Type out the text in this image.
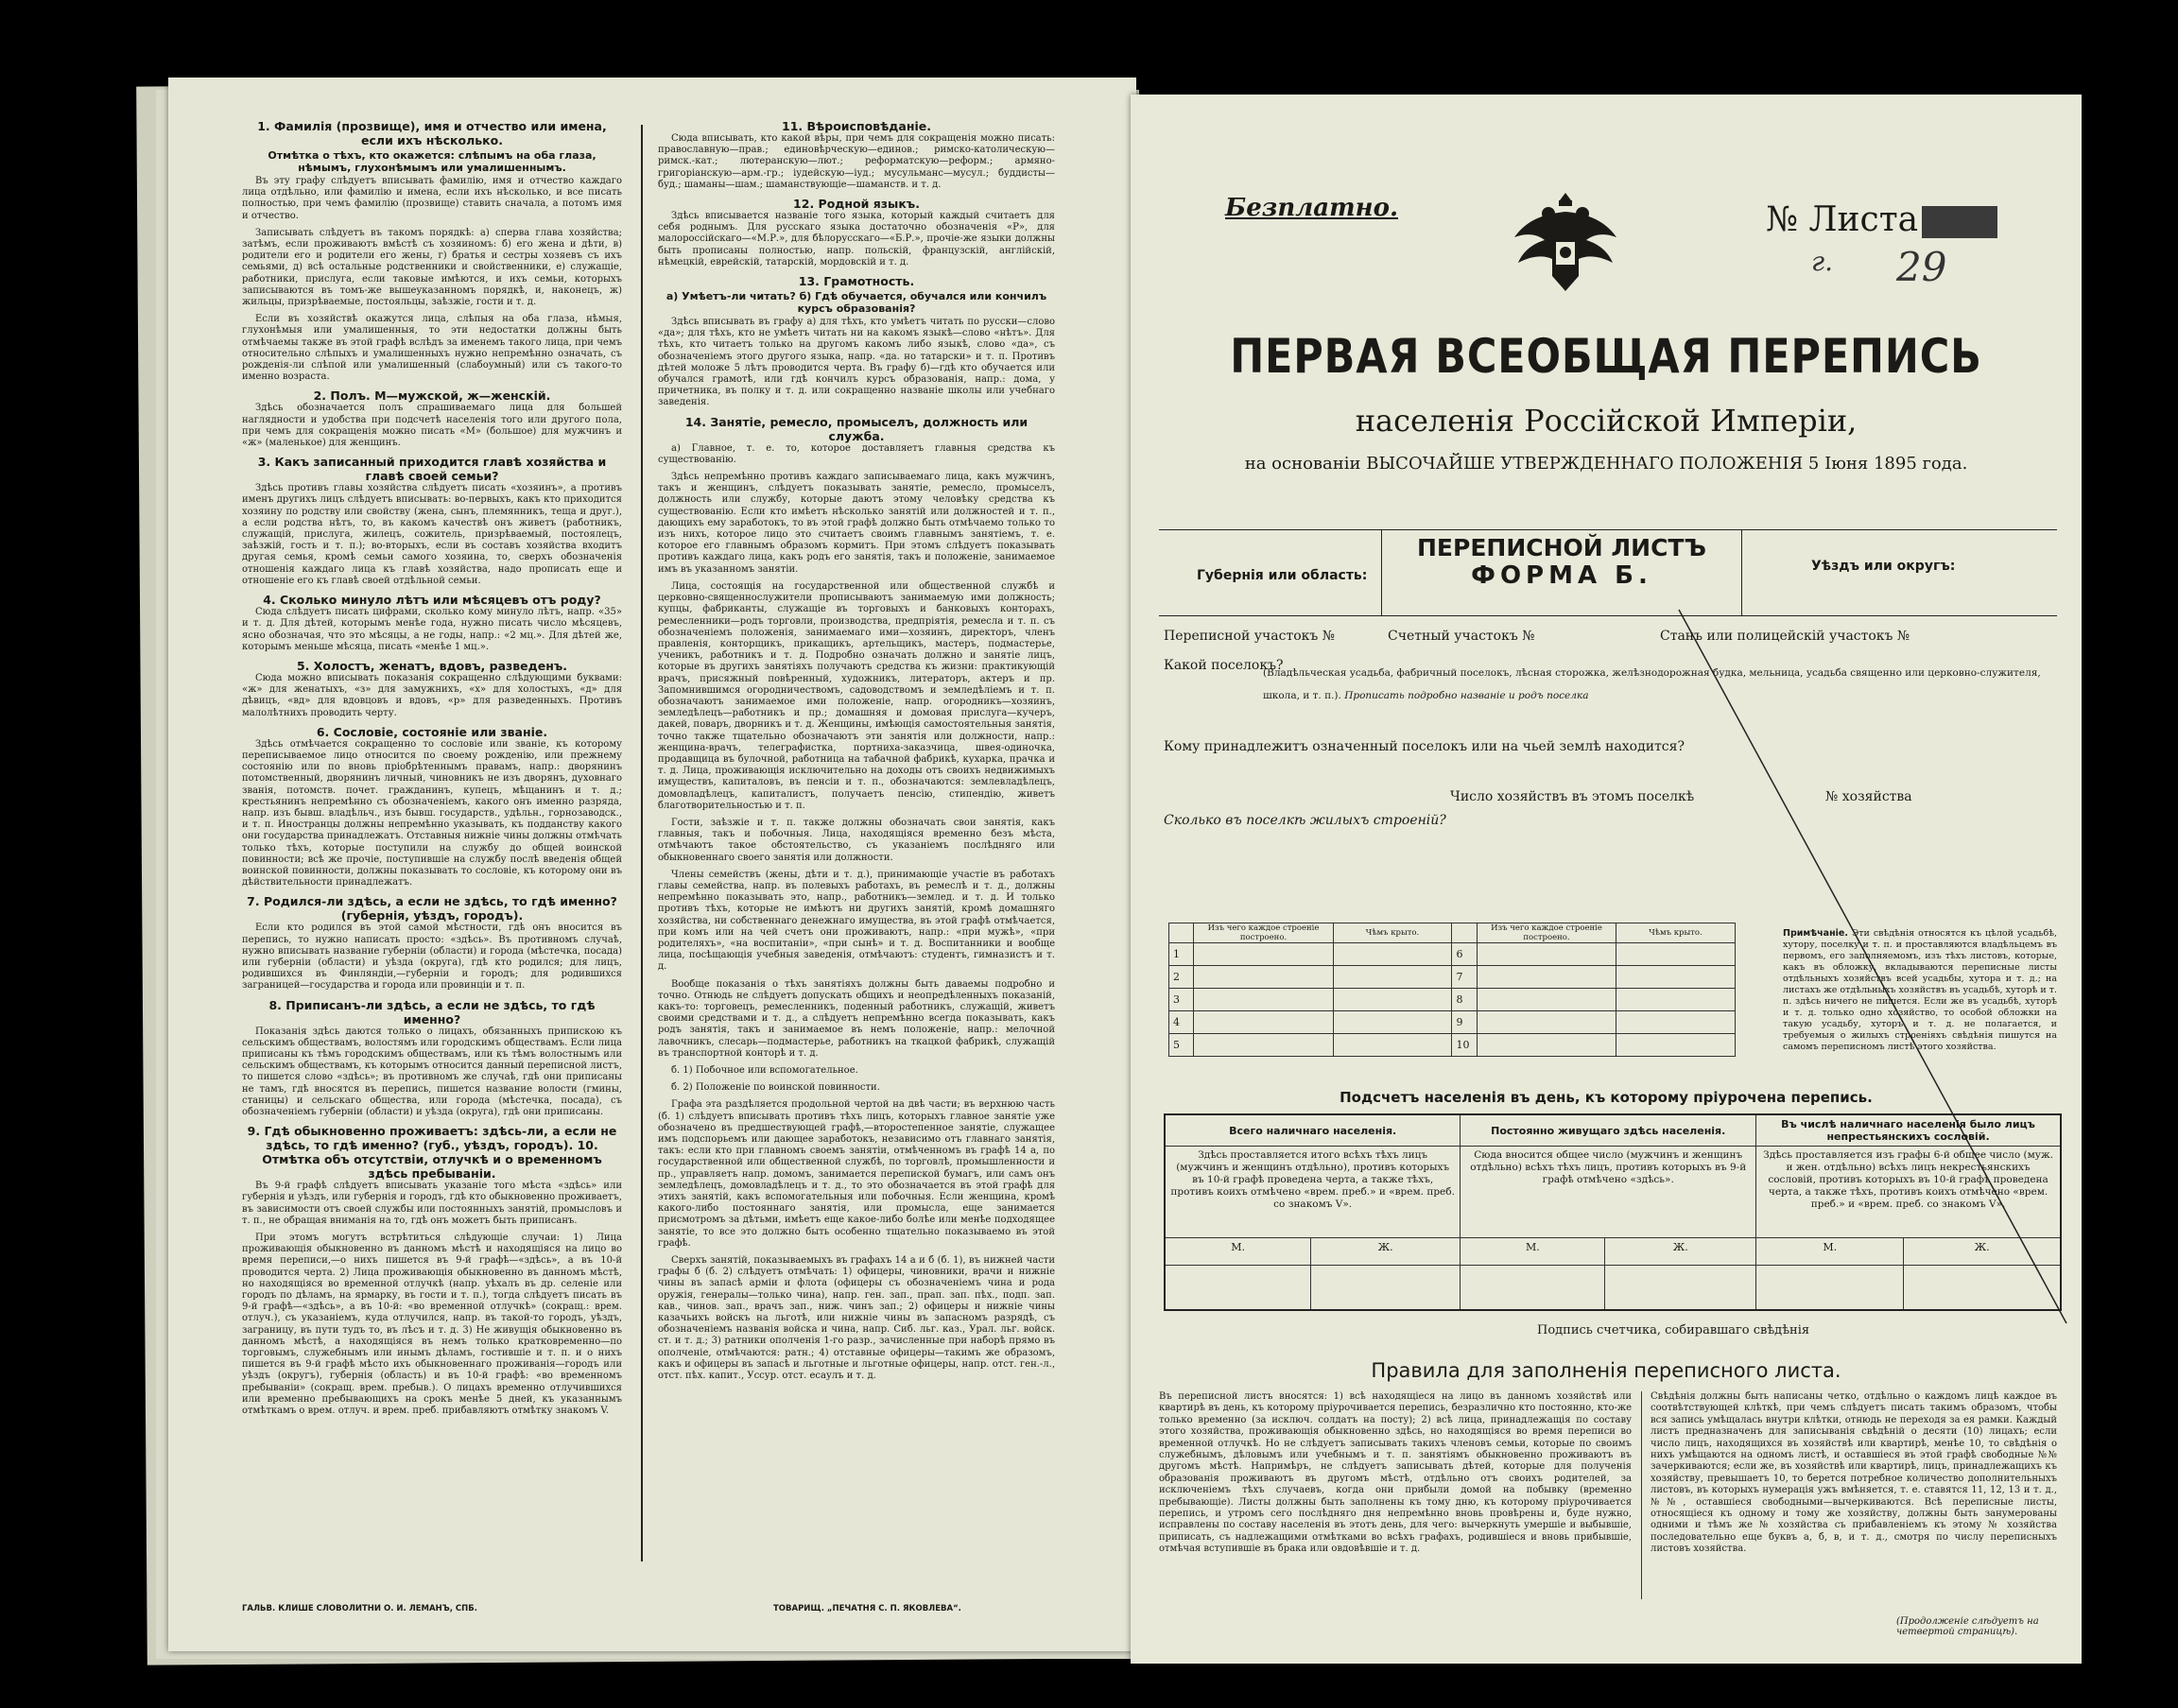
1. Фамилія (прозвище), имя и отчество или имена, если ихъ нѣсколько.
Отмѣтка о тѣхъ, кто окажется: слѣпымъ на оба глаза, нѣмымъ, глухонѣмымъ или умалишеннымъ.

Въ эту графу слѣдуетъ вписывать фамилію, имя и отчество каждаго лица отдѣльно, или фамилію и имена, если ихъ нѣсколько, и все писать полностью, при чемъ фамилію (прозвище) ставить сначала, а потомъ имя и отчество.

Записывать слѣдуетъ въ такомъ порядкѣ: а) сперва глава хозяйства; затѣмъ, если проживаютъ вмѣстѣ съ хозяиномъ: б) его жена и дѣти, в) родители его и родители его жены, г) братья и сестры хозяевъ съ ихъ семьями, д) всѣ остальные родственники и свойственники, е) служащіе, работники, прислуга, если таковые имѣются, и ихъ семьи, которыхъ записываются въ томъ-же вышеуказанномъ порядкѣ, и, наконецъ, ж) жильцы, призрѣваемые, постояльцы, заѣзжіе, гости и т. д.

Если въ хозяйствѣ окажутся лица, слѣпыя на оба глаза, нѣмыя, глухонѣмыя или умалишенныя, то эти недостатки должны быть отмѣчаемы также въ этой графѣ вслѣдъ за именемъ такого лица, при чемъ относительно слѣпыхъ и умалишенныхъ нужно непремѣнно означать, съ рожденія-ли слѣпой или умалишенный (слабоумный) или съ такого-то именно возраста.

2. Полъ. М—мужской, ж—женскій.

Здѣсь обозначается полъ спрашиваемаго лица для большей наглядности и удобства при подсчетѣ населенія того или другого пола, при чемъ для сокращенія можно писать «М» (большое) для мужчинъ и «ж» (маленькое) для женщинъ.

3. Какъ записанный приходится главѣ хозяйства и главѣ своей семьи?

Здѣсь противъ главы хозяйства слѣдуетъ писать «хозяинъ», а противъ именъ другихъ лицъ слѣдуетъ вписывать: во-первыхъ, какъ кто приходится хозяину по родству или свойству (жена, сынъ, племянникъ, теща и друг.), а если родства нѣтъ, то, въ какомъ качествѣ онъ живетъ (работникъ, служащій, прислуга, жилецъ, сожитель, призрѣваемый, постоялецъ, заѣзжій, гость и т. п.); во-вторыхъ, если въ составъ хозяйства входитъ другая семья, кромѣ семьи самого хозяина, то, сверхъ обозначенія отношенія каждаго лица къ главѣ хозяйства, надо прописать еще и отношеніе его къ главѣ своей отдѣльной семьи.

4. Сколько минуло лѣтъ или мѣсяцевъ отъ роду?

Сюда слѣдуетъ писать цифрами, сколько кому минуло лѣтъ, напр. «35» и т. д. Для дѣтей, которымъ менѣе года, нужно писать число мѣсяцевъ, ясно обозначая, что это мѣсяцы, а не годы, напр.: «2 мц.». Для дѣтей же, которымъ меньше мѣсяца, писать «менѣе 1 мц.».

5. Холостъ, женатъ, вдовъ, разведенъ.

Сюда можно вписывать показанія сокращенно слѣдующими буквами: «ж» для женатыхъ, «з» для замужнихъ, «х» для холостыхъ, «д» для дѣвицъ, «вд» для вдовцовъ и вдовъ, «р» для разведенныхъ. Противъ малолѣтнихъ проводить черту.

6. Сословіе, состояніе или званіе.

Здѣсь отмѣчается сокращенно то сословіе или званіе, къ которому переписываемое лицо относится по своему рожденію, или прежнему состоянію или по вновь пріобрѣтеннымъ правамъ, напр.: дворянинъ потомственный, дворянинъ личный, чиновникъ не изъ дворянъ, духовнаго званія, потомств. почет. гражданинъ, купецъ, мѣщанинъ и т. д.; крестьянинъ непремѣнно съ обозначеніемъ, какого онъ именно разряда, напр. изъ бывш. владѣльч., изъ бывш. государств., удѣльн., горнозаводск., и т. п. Иностранцы должны непремѣнно указывать, къ подданству какого они государства принадлежатъ. Отставныя нижніе чины должны отмѣчать только тѣхъ, которые поступили на службу до общей воинской повинности; всѣ же прочіе, поступившіе на службу послѣ введенія общей воинской повинности, должны показывать то сословіе, къ которому они въ дѣйствительности принадлежатъ.

7. Родился-ли здѣсь, а если не здѣсь, то гдѣ именно? (губернія, уѣздъ, городъ).

Если кто родился въ этой самой мѣстности, гдѣ онъ вносится въ перепись, то нужно написать просто: «здѣсь». Въ противномъ случаѣ, нужно вписывать название губерніи (области) и города (мѣстечка, посада) или губерніи (области) и уѣзда (округа), гдѣ кто родился; для лицъ, родившихся въ Финляндіи,—губерніи и городъ; для родившихся заграницей—государства и города или провинціи и т. п.

8. Приписанъ-ли здѣсь, а если не здѣсь, то гдѣ именно?

Показанія здѣсь даются только о лицахъ, обязанныхъ припискою къ сельскимъ обществамъ, волостямъ или городскимъ обществамъ. Если лица приписаны къ тѣмъ городскимъ обществамъ, или къ тѣмъ волостнымъ или сельскимъ обществамъ, къ которымъ относится данный переписной листъ, то пишется слово «здѣсь»; въ противномъ же случаѣ, гдѣ они приписаны не тамъ, гдѣ вносятся въ перепись, пишется название волости (гмины, станицы) и сельскаго общества, или города (мѣстечка, посада), съ обозначеніемъ губерніи (области) и уѣзда (округа), гдѣ они приписаны.

9. Гдѣ обыкновенно проживаетъ: здѣсь-ли, а если не здѣсь, то гдѣ именно? (губ., уѣздъ, городъ). 10. Отмѣтка объ отсутствіи, отлучкѣ и о временномъ здѣсь пребываніи.

Въ 9-й графѣ слѣдуетъ вписывать указаніе того мѣста «здѣсь» или губернія и уѣздъ, или губернія и городъ, гдѣ кто обыкновенно проживаетъ, въ зависимости отъ своей службы или постоянныхъ занятій, промысловъ и т. п., не обращая вниманія на то, гдѣ онъ можетъ быть приписанъ.

При этомъ могутъ встрѣтиться слѣдующіе случаи: 1) Лица проживающія обыкновенно въ данномъ мѣстѣ и находящіяся на лицо во время переписи,—о нихъ пишется въ 9-й графѣ—«здѣсь», а въ 10-й проводится черта. 2) Лица проживающія обыкновенно въ данномъ мѣстѣ, но находящіяся во временной отлучкѣ (напр. уѣхалъ въ др. селеніе или городъ по дѣламъ, на ярмарку, въ гости и т. п.), тогда слѣдуетъ писать въ 9-й графѣ—«здѣсь», а въ 10-й: «во временной отлучкѣ» (сокращ.: врем. отлуч.), съ указаніемъ, куда отлучился, напр. въ такой-то городъ, уѣздъ, заграницу, въ пути тудъ то, въ лѣсъ и т. д. 3) Не живущія обыкновенно въ данномъ мѣстѣ, а находящіяся въ немъ только кратковременно—по торговымъ, служебнымъ или инымъ дѣламъ, гостившіе и т. п. и о нихъ пишется въ 9-й графѣ мѣсто ихъ обыкновеннаго проживанія—городъ или уѣздъ (округъ), губернія (область) и въ 10-й графѣ: «во временномъ пребываніи» (сокращ. врем. пребыв.). О лицахъ временно отлучившихся или временно пребывающихъ на срокъ менѣе 5 дней, къ указаннымъ отмѣткамъ о врем. отлуч. и врем. преб. прибавляютъ отмѣтку знакомъ V.

11. Вѣроисповѣданіе.

Сюда вписывать, кто какой вѣры, при чемъ для сокращенія можно писать: православную—прав.; единовѣрческую—единов.; римско-католическую—римск.-кат.; лютеранскую—лют.; реформатскую—реформ.; армяно-григоріанскую—арм.-гр.; іудейскую—іуд.; мусульманс—мусул.; буддисты—буд.; шаманы—шам.; шаманствующіе—шаманств. и т. д.

12. Родной языкъ.

Здѣсь вписывается названіе того языка, который каждый считаетъ для себя роднымъ. Для русскаго языка достаточно обозначенія «Р», для малороссійскаго—«М.Р.», для бѣлорусскаго—«Б.Р.», прочіе-же языки должны быть прописаны полностью, напр. польскій, французскій, англійскій, нѣмецкій, еврейскій, татарскій, мордовскій и т. д.

13. Грамотность.
а) Умѣетъ-ли читать? б) Гдѣ обучается, обучался или кончилъ курсъ образованія?

Здѣсь вписывать въ графу а) для тѣхъ, кто умѣетъ читать по русски—слово «да»; для тѣхъ, кто не умѣетъ читать ни на какомъ языкѣ—слово «нѣтъ». Для тѣхъ, кто читаетъ только на другомъ какомъ либо языкѣ, слово «да», съ обозначеніемъ этого другого языка, напр. «да. но татарски» и т. п. Противъ дѣтей моложе 5 лѣтъ проводится черта. Въ графу б)—гдѣ кто обучается или обучался грамотѣ, или гдѣ кончилъ курсъ образованія, напр.: дома, у причетника, въ полку и т. д. или сокращенно названіе школы или учебнаго заведенія.

14. Занятіе, ремесло, промыселъ, должность или служба.

а) Главное, т. е. то, которое доставляетъ главныя средства къ существованію.

Здѣсь непремѣнно противъ каждаго записываемаго лица, какъ мужчинъ, такъ и женщинъ, слѣдуетъ показывать занятіе, ремесло, промыселъ, должность или службу, которые даютъ этому человѣку средства къ существованію. Если кто имѣетъ нѣсколько занятій или должностей и т. п., дающихъ ему заработокъ, то въ этой графѣ должно быть отмѣчаемо только то изъ нихъ, которое лицо это считаетъ своимъ главнымъ занятіемъ, т. е. которое его главнымъ образомъ кормитъ. При этомъ слѣдуетъ показывать противъ каждаго лица, какъ родъ его занятія, такъ и положеніе, занимаемое имъ въ указанномъ занятіи.

Лица, состоящія на государственной или общественной службѣ и церковно-священнослужители прописываютъ занимаемую ими должность; купцы, фабриканты, служащіе въ торговыхъ и банковыхъ конторахъ, ремесленники—родъ торговли, производства, предпріятія, ремесла и т. п. съ обозначеніемъ положенія, занимаемаго ими—хозяинъ, директоръ, членъ правленія, конторщикъ, прикащикъ, артельщикъ, мастеръ, подмастерье, ученикъ, работникъ и т. д. Подробно означать должно и занятіе лицъ, которые въ другихъ занятіяхъ получаютъ средства къ жизни: практикующій врачъ, присяжный повѣренный, художникъ, литераторъ, актеръ и пр. Запомнившимся огородничествомъ, садоводствомъ и земледѣліемъ и т. п. обозначаютъ занимаемое ими положеніе, напр. огородникъ—хозяинъ, земледѣлецъ—работникъ и пр.; домашняя и домовая прислуга—кучеръ, дакей, поваръ, дворникъ и т. д. Женщины, имѣющія самостоятельныя занятія, точно также тщательно обозначаютъ эти занятія или должности, напр.: женщина-врачъ, телеграфистка, портниха-заказчица, швея-одиночка, продавщица въ булочной, работница на табачной фабрикѣ, кухарка, прачка и т. д. Лица, проживающія исключительно на доходы отъ своихъ недвижимыхъ имуществъ, капиталовъ, въ пенсіи и т. п., обозначаются: землевладѣлецъ, домовладѣлецъ, капиталистъ, получаетъ пенсію, стипендію, живетъ благотворительностью и т. п.

Гости, заѣзжіе и т. п. также должны обозначать свои занятія, какъ главныя, такъ и побочныя. Лица, находящіяся временно безъ мѣста, отмѣчаютъ такое обстоятельство, съ указаніемъ послѣдняго или обыкновеннаго своего занятія или должности.

Члены семействъ (жены, дѣти и т. д.), принимающіе участіе въ работахъ главы семейства, напр. въ полевыхъ работахъ, въ ремеслѣ и т. д., должны непремѣнно показывать это, напр., работникъ—землед. и т. д. И только противъ тѣхъ, которые не имѣютъ ни другихъ занятій, кромѣ домашняго хозяйства, ни собственнаго денежнаго имущества, въ этой графѣ отмѣчается, при комъ или на чей счетъ они проживаютъ, напр.: «при мужѣ», «при родителяхъ», «на воспитаніи», «при сынѣ» и т. д. Воспитанники и вообще лица, посѣщающія учебныя заведенія, отмѣчаютъ: студентъ, гимназистъ и т. д.

Вообще показанія о тѣхъ занятіяхъ должны быть даваемы подробно и точно. Отнюдь не слѣдуетъ допускать общихъ и неопредѣленныхъ показаній, какъ-то: торговецъ, ремесленникъ, поденный работникъ, служащій, живетъ своими средствами и т. д., а слѣдуетъ непремѣнно всегда показывать, какъ родъ занятія, такъ и занимаемое въ немъ положеніе, напр.: мелочной лавочникъ, слесарь—подмастерье, работникъ на ткацкой фабрикѣ, служащій въ транспортной конторѣ и т. д.

б. 1) Побочное или вспомогательное.

б. 2) Положеніе по воинской повинности.

Графа эта раздѣляется продольной чертой на двѣ части; въ верхнюю часть (б. 1) слѣдуетъ вписывать противъ тѣхъ лицъ, которыхъ главное занятіе уже обозначено въ предшествующей графѣ,—второстепенное занятіе, служащее имъ подспорьемъ или дающее заработокъ, независимо отъ главнаго занятія, такъ: если кто при главномъ своемъ занятіи, отмѣченномъ въ графѣ 14 а, по государственной или общественной службѣ, по торговлѣ, промышленности и пр., управляетъ напр. домомъ, занимается перепиской бумагъ, или самъ онъ земледѣлецъ, домовладѣлецъ и т. д., то это обозначается въ этой графѣ для этихъ занятій, какъ вспомогательныя или побочныя. Если женщина, кромѣ какого-либо постояннаго занятія, или промысла, еще занимается присмотромъ за дѣтьми, имѣетъ еще какое-либо болѣе или менѣе подходящее занятіе, то все это должно быть особенно тщательно показываемо въ этой графѣ.

Сверхъ занятій, показываемыхъ въ графахъ 14 а и б (б. 1), въ нижней части графы б (б. 2) слѣдуетъ отмѣчать: 1) офицеры, чиновники, врачи и нижніе чины въ запасѣ арміи и флота (офицеры съ обозначеніемъ чина и рода оружія, генералы—только чина), напр. ген. зап., прап. зап. пѣх., подп. зап. кав., чинов. зап., врачъ зап., ниж. чинъ зап.; 2) офицеры и нижніе чины казачьихъ войскъ на льготѣ, или нижніе чины въ запасномъ разрядѣ, съ обозначеніемъ названія войска и чина, напр. Сиб. льг. каз., Урал. льг. войск. ст. и т. д.; 3) ратники ополченія 1-го разр., зачисленные при наборѣ прямо въ ополченіе, отмѣчаются: ратн.; 4) отставные офицеры—такимъ же образомъ, какъ и офицеры въ запасѣ и льготные и льготные офицеры, напр. отст. ген.-л., отст. пѣх. капит., Уссур. отст. есаулъ и т. д.

ГАЛЬВ. КЛИШЕ СЛОВОЛИТНИ О. И. ЛЕМАНЪ, СПБ.	ТОВАРИЩ. „ПЕЧАТНЯ С. П. ЯКОВЛЕВА“.
Безплатно.	№ Листа
г. 29
ПЕРВАЯ ВСЕОБЩАЯ ПЕРЕПИСЬ
населенія Россійской Имперіи,
на основаніи ВЫСОЧАЙШЕ УТВЕРЖДЕННАГО ПОЛОЖЕНІЯ 5 Іюня 1895 года.
Губернія или область:
ПЕРЕПИСНОЙ ЛИСТЪ
ФОРМА Б.	Уѣздъ или округъ:
Переписной участокъ №	Счетный участокъ №	Станъ или полицейскій участокъ №
Какой поселокъ?
(Владѣльческая усадьба, фабричный поселокъ, лѣсная сторожка, желѣзнодорожная будка, мельница, усадьба священно или церковно-служителя, школа, и т. п.). Прописать подробно названіе и родъ поселка
Кому принадлежитъ означенный поселокъ или на чьей землѣ находится?
Число хозяйствъ въ этомъ поселкѣ	№ хозяйства
Сколько въ поселкѣ жилыхъ строеній?
	Изъ чего каждое строеніе построено.	Чѣмъ крыто.		Изъ чего каждое строеніе построено.	Чѣмъ крыто.
1			6		
2			7		
3			8		
4			9		
5			10		
Примѣчаніе. Эти свѣдѣнія относятся къ цѣлой усадьбѣ, хутору, поселку и т. п. и проставляются владѣльцемъ въ первомъ, его заполняемомъ, изъ тѣхъ листовъ, которые, какъ въ обложку, вкладываются переписные листы отдѣльныхъ хозяйствъ всей усадьбы, хутора и т. д.; на листахъ же отдѣльныхъ хозяйствъ въ усадьбѣ, хуторѣ и т. п. здѣсь ничего не пишется. Если же въ усадьбѣ, хуторѣ и т. д. только одно хозяйство, то особой обложки на такую усадьбу, хуторъ и т. д. не полагается, и требуемыя о жилыхъ строеніяхъ свѣдѣнія пишутся на самомъ переписномъ листѣ этого хозяйства.
Подсчетъ населенія въ день, къ которому пріурочена перепись.
Всего наличнаго населенія.		Постоянно живущаго здѣсь населенія.		Въ числѣ наличнаго населенія было лицъ непрестьянскихъ сословій.	
Здѣсь проставляется итого всѣхъ тѣхъ лицъ (мужчинъ и женщинъ отдѣльно), противъ которыхъ въ 10-й графѣ проведена черта, а также тѣхъ, противъ коихъ отмѣчено «врем. преб.» и «врем. преб. со знакомъ V».		Сюда вносится общее число (мужчинъ и женщинъ отдѣльно) всѣхъ тѣхъ лицъ, противъ которыхъ въ 9-й графѣ отмѣчено «здѣсь».		Здѣсь проставляется изъ графы 6-й общее число (муж. и жен. отдѣльно) всѣхъ лицъ некрестьянскихъ сословій, противъ которыхъ въ 10-й графѣ проведена черта, а также тѣхъ, противъ коихъ отмѣчено «врем. преб.» и «врем. преб. со знакомъ V».	
М.	Ж.	М.	Ж.	М.	Ж.

Подпись счетчика, собиравшаго свѣдѣнія
Правила для заполненія переписного листа.
Въ переписной листъ вносятся: 1) всѣ находящіеся на лицо въ данномъ хозяйствѣ или квартирѣ въ день, къ которому пріурочивается перепись, безразлично кто постоянно, кто-же только временно (за исключ. солдатъ на посту); 2) всѣ лица, принадлежащія по составу этого хозяйства, проживающія обыкновенно здѣсь, но находящіяся во время переписи во временной отлучкѣ. Но не слѣдуетъ записывать такихъ членовъ семьи, которые по своимъ служебнымъ, дѣловымъ или учебнымъ и т. п. занятіямъ обыкновенно проживаютъ въ другомъ мѣстѣ. Напримѣръ, не слѣдуетъ записывать дѣтей, которые для полученія образованія проживаютъ въ другомъ мѣстѣ, отдѣльно отъ своихъ родителей, за исключеніемъ тѣхъ случаевъ, когда они прибыли домой на побывку (временно пребывающіе). Листы должны быть заполнены къ тому дню, къ которому пріурочивается перепись, и утромъ сего послѣдняго дня непремѣнно вновь провѣрены и, буде нужно, исправлены по составу населенія въ этотъ день, для чего: вычеркнуть умершіе и выбывшіе, приписать, съ надлежащими отмѣтками во всѣхъ графахъ, родившіеся и вновь прибывшіе, отмѣчая вступившіе въ брака или овдовѣвшіе и т. д.
Свѣдѣнія должны быть написаны четко, отдѣльно о каждомъ лицѣ каждое въ соотвѣтствующей клѣткѣ, при чемъ слѣдуетъ писать такимъ образомъ, чтобы вся запись умѣщалась внутри клѣтки, отнюдь не переходя за ея рамки. Каждый листъ предназначенъ для записыванія свѣдѣній о десяти (10) лицахъ; если число лицъ, находящихся въ хозяйствѣ или квартирѣ, менѣе 10, то свѣдѣнія о нихъ умѣщаются на одномъ листѣ, и оставшіеся въ этой графѣ свободные №№ зачеркиваются; если же, въ хозяйствѣ или квартирѣ, лицъ, принадлежащихъ къ хозяйству, превышаетъ 10, то берется потребное количество дополнительныхъ листовъ, въ которыхъ нумерація ужъ вмѣняется, т. е. ставятся 11, 12, 13 и т. д., №№, оставшіеся свободными—вычеркиваются. Всѣ переписные листы, относящіеся къ одному и тому же хозяйству, должны быть занумерованы одними и тѣмъ же № хозяйства съ прибавленіемъ къ этому № хозяйства последовательно еще буквъ а, б, в, и т. д., смотря по числу переписныхъ листовъ хозяйства.
(Продолженіе слѣдуетъ на четвертой страницѣ).
